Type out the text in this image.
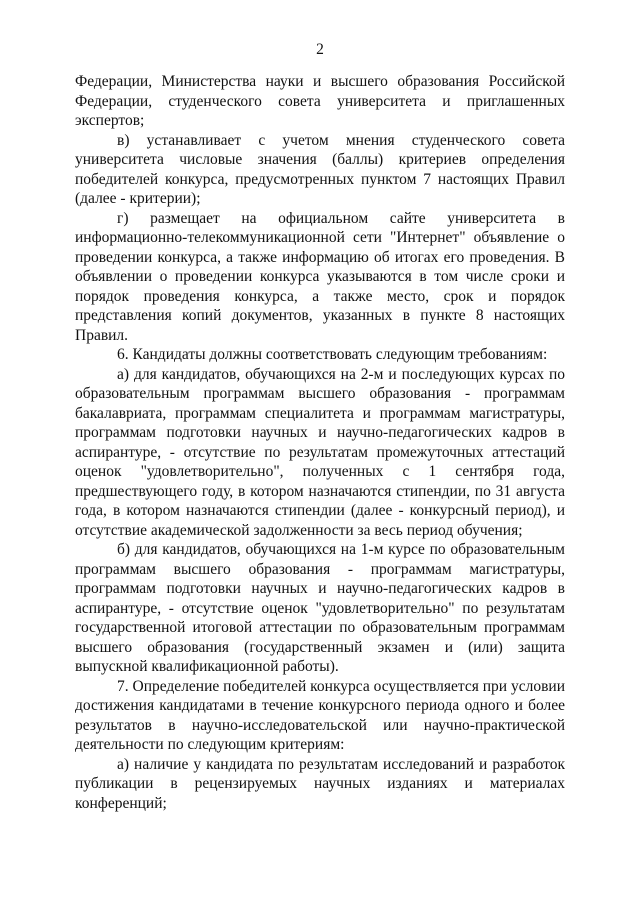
2

Федерации, Министерства науки и высшего образования Российской Федерации, студенческого совета университета и приглашенных экспертов;

в) устанавливает с учетом мнения студенческого совета университета числовые значения (баллы) критериев определения победителей конкурса, предусмотренных пунктом 7 настоящих Правил (далее - критерии);

г) размещает на официальном сайте университета в информационно-телекоммуникационной сети "Интернет" объявление о проведении конкурса, а также информацию об итогах его проведения. В объявлении о проведении конкурса указываются в том числе сроки и порядок проведения конкурса, а также место, срок и порядок представления копий документов, указанных в пункте 8 настоящих Правил.

6. Кандидаты должны соответствовать следующим требованиям:

а) для кандидатов, обучающихся на 2-м и последующих курсах по образовательным программам высшего образования - программам бакалавриата, программам специалитета и программам магистратуры, программам подготовки научных и научно-педагогических кадров в аспирантуре, - отсутствие по результатам промежуточных аттестаций оценок "удовлетворительно", полученных с 1 сентября года, предшествующего году, в котором назначаются стипендии, по 31 августа года, в котором назначаются стипендии (далее - конкурсный период), и отсутствие академической задолженности за весь период обучения;

б) для кандидатов, обучающихся на 1-м курсе по образовательным программам высшего образования - программам магистратуры, программам подготовки научных и научно-педагогических кадров в аспирантуре, - отсутствие оценок "удовлетворительно" по результатам государственной итоговой аттестации по образовательным программам высшего образования (государственный экзамен и (или) защита выпускной квалификационной работы).

7. Определение победителей конкурса осуществляется при условии достижения кандидатами в течение конкурсного периода одного и более результатов в научно-исследовательской или научно-практической деятельности по следующим критериям:

а) наличие у кандидата по результатам исследований и разработок публикации в рецензируемых научных изданиях и материалах конференций;
